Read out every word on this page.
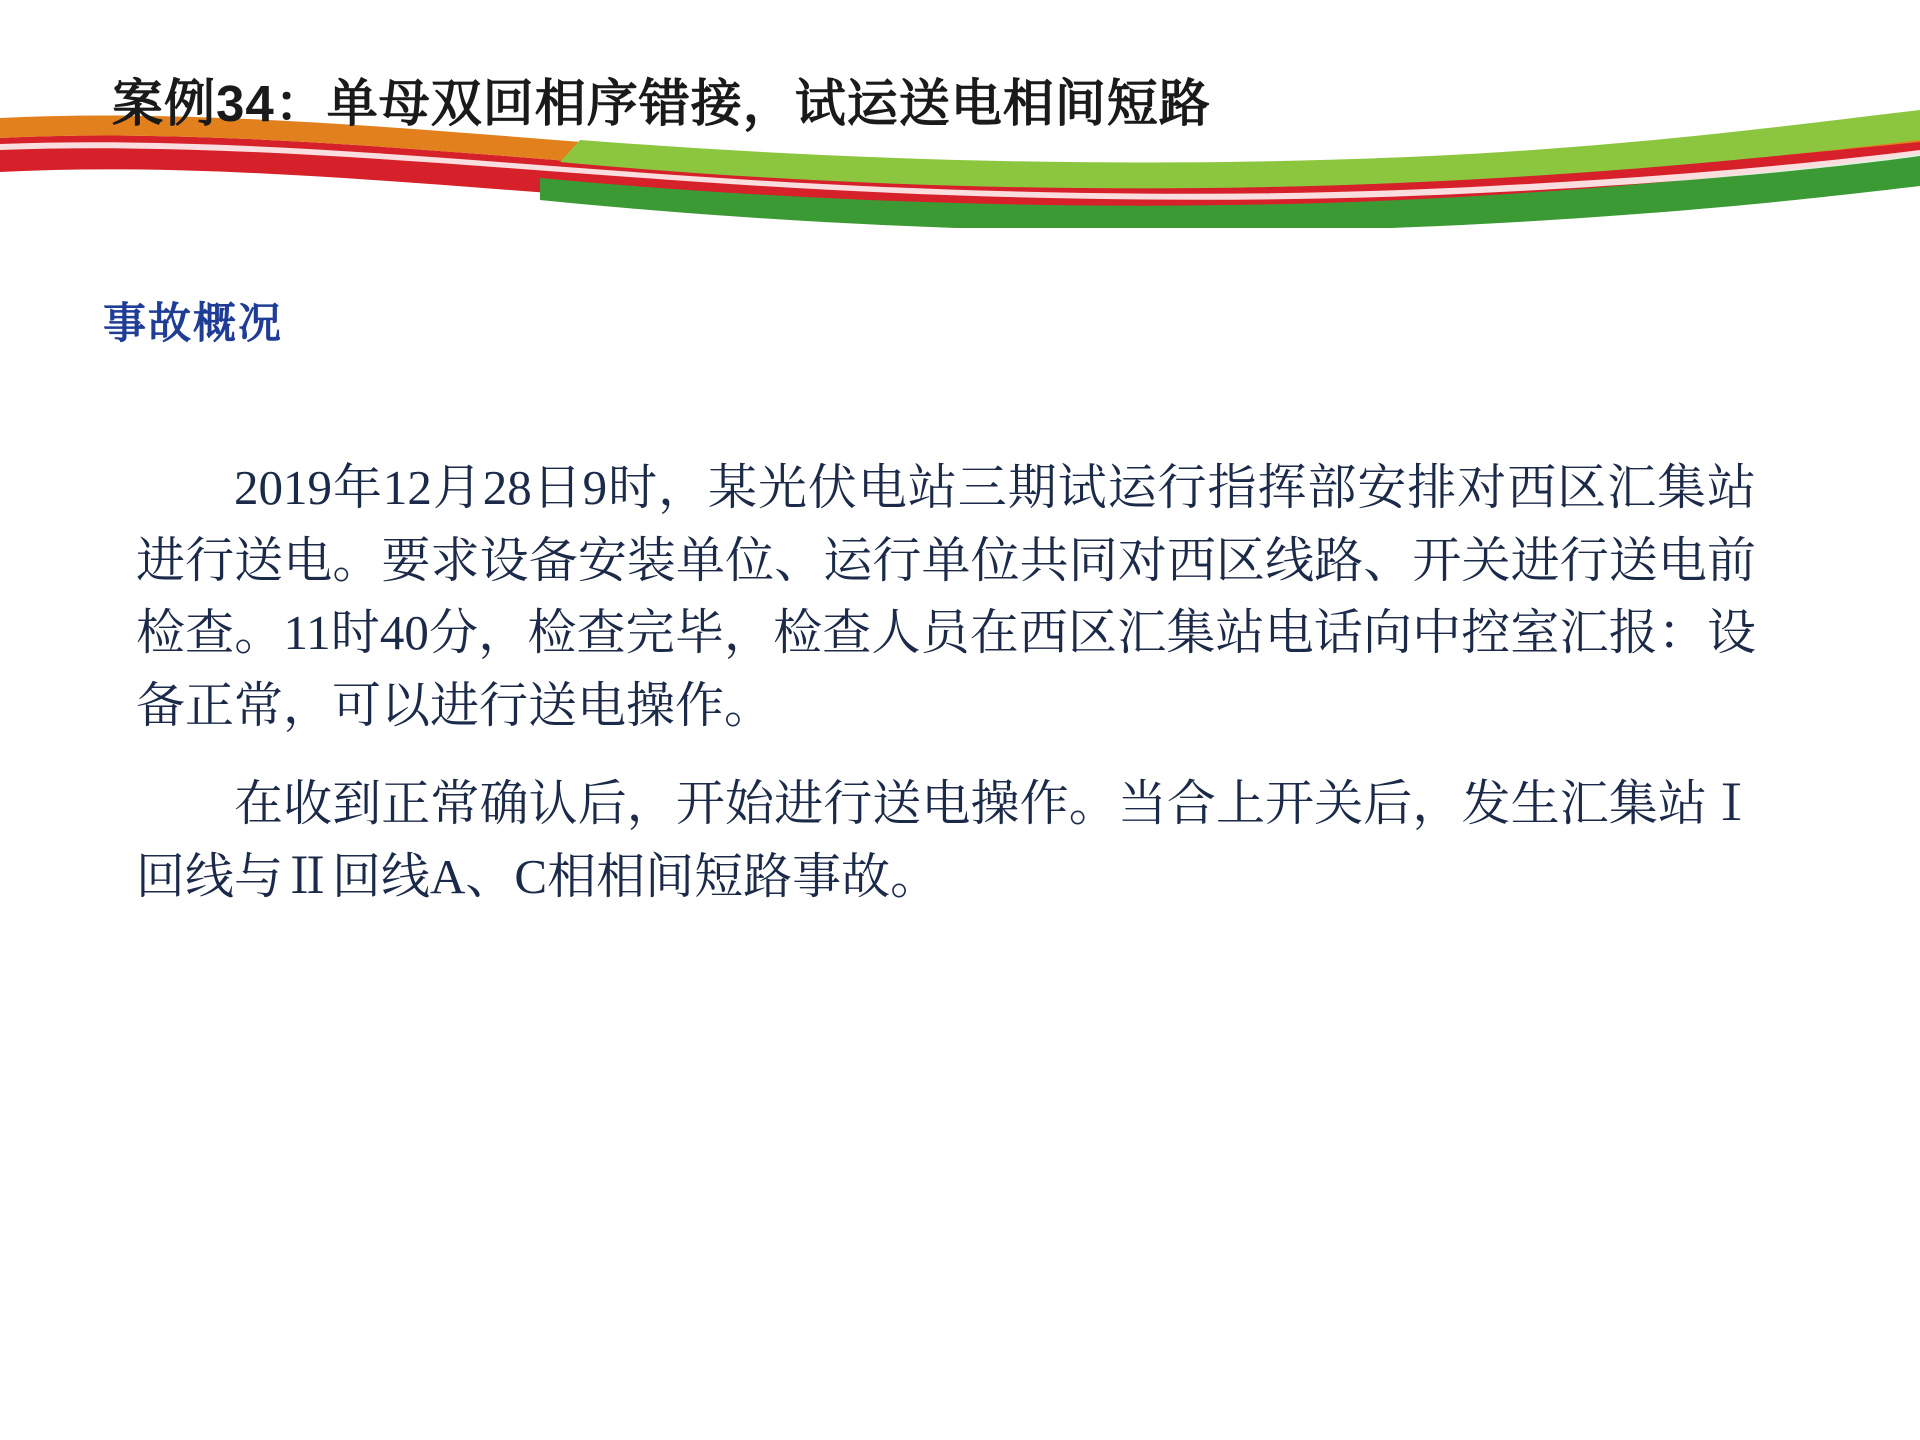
案例34：单母双回相序错接，试运送电相间短路
事故概况

2019年12月28日9时，某光伏电站三期试运行指挥部安排对西区汇集站进行送电。要求设备安装单位、运行单位共同对西区线路、开关进行送电前检查。11时40分，检查完毕，检查人员在西区汇集站电话向中控室汇报：设备正常，可以进行送电操作。

在收到正常确认后，开始进行送电操作。当合上开关后，发生汇集站Ⅰ回线与Ⅱ回线A、C相相间短路事故。
